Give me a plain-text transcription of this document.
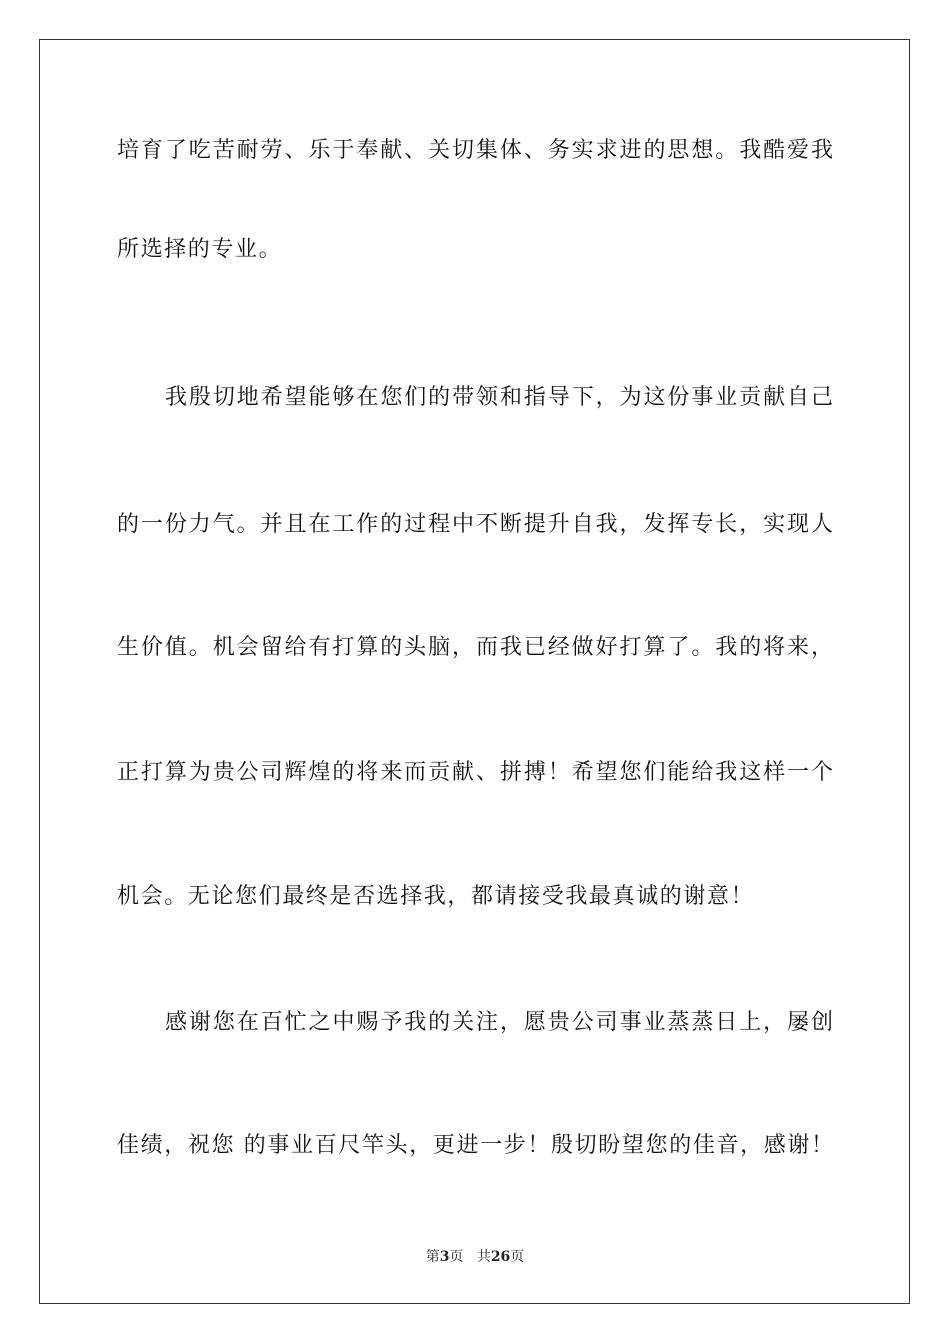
培育了吃苦耐劳、乐于奉献、关切集体、务实求进的思想。我酷爱我
所选择的专业。
我殷切地希望能够在您们的带领和指导下，为这份事业贡献自己
的一份力气。并且在工作的过程中不断提升自我，发挥专长，实现人
生价值。机会留给有打算的头脑，而我已经做好打算了。我的将来，
正打算为贵公司辉煌的将来而贡献、拼搏！希望您们能给我这样一个
机会。无论您们最终是否选择我，都请接受我最真诚的谢意！
感谢您在百忙之中赐予我的关注，愿贵公司事业蒸蒸日上，屡创
佳绩，祝您 的事业百尺竿头，更进一步！殷切盼望您的佳音，感谢！
第3页 共26页
